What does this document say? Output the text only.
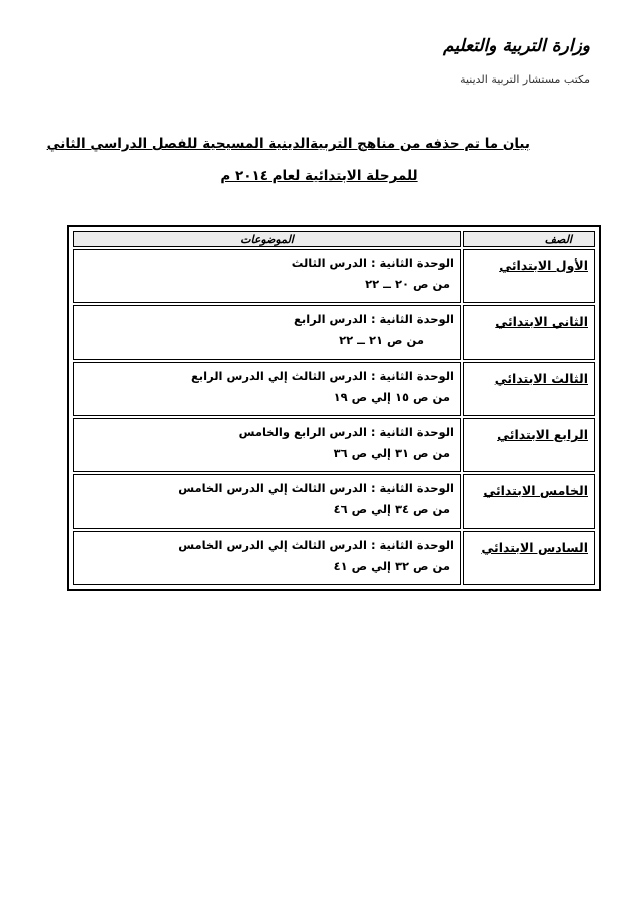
وزارة التربية والتعليم

مكتب مستشار التربية الدينية

بيان ما تم حذفه من مناهج التربيةالدينية المسيحية للفصل الدراسي الثاني

للمرحلة الابتدائية لعام ٢٠١٤ م

الصف	الموضوعات
الأول الابتدائي	الوحدة الثانية : الدرس الثالث
من ص ٢٠ ــ ٢٢

الثاني الابتدائي	الوحدة الثانية : الدرس الرابع
من ص ٢١ ــ ٢٢

الثالث الابتدائي	الوحدة الثانية : الدرس الثالث إلي الدرس الرابع
من ص ١٥ إلي ص ١٩

الرابع الابتدائي	الوحدة الثانية : الدرس الرابع والخامس
من ص ٣١ إلي ص ٣٦

الخامس الابتدائي	الوحدة الثانية : الدرس الثالث إلي الدرس الخامس
من ص ٣٤ إلي ص ٤٦

السادس الابتدائي	الوحدة الثانية : الدرس الثالث إلي الدرس الخامس
من ص ٣٢ إلي ص ٤١
